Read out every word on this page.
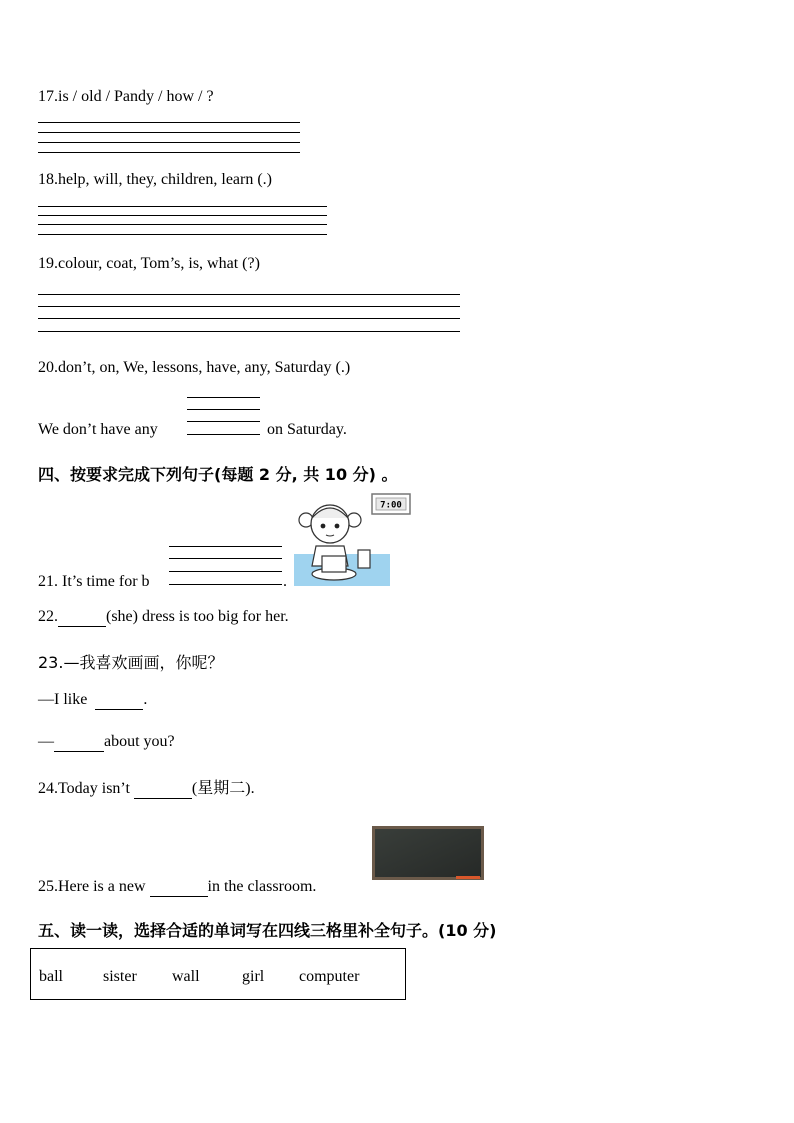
17.is / old / Pandy / how / ?
18.help, will, they, children, learn (.)
19.colour, coat, Tom’s, is, what (?)
20.don’t, on, We, lessons, have, any, Saturday (.)
We don’t have any	on Saturday.
四、按要求完成下列句子(每题 2 分, 共 10 分) 。
21. It’s time for b	.
7:00
22.	(she) dress is too big for her.
23.—我喜欢画画，你呢？
—I like	.
—	about you?
24.Today isn’t	(星期二).
25.Here is a new	in the classroom.
五、读一读，选择合适的单词写在四线三格里补全句子。(10 分)
ball	sister wall	girl computer
